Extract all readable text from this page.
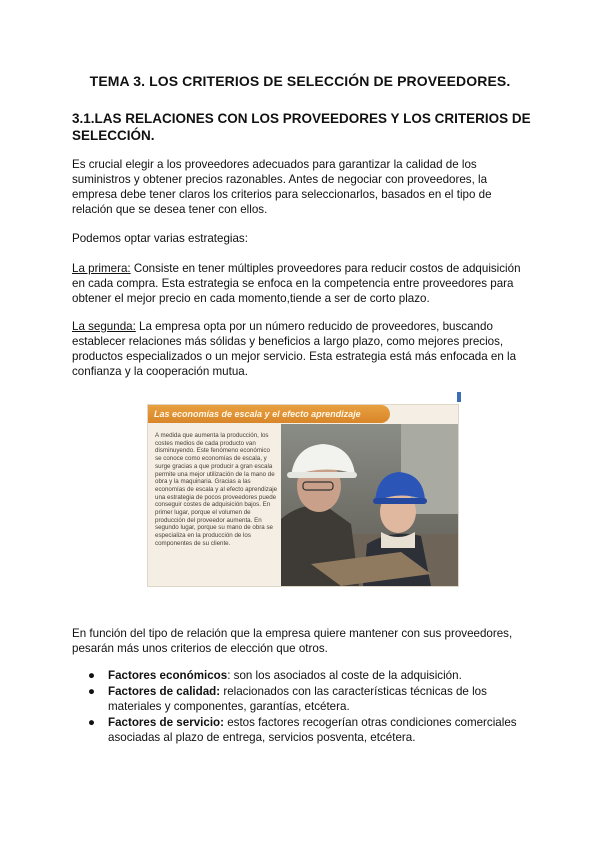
TEMA 3. LOS CRITERIOS DE SELECCIÓN DE PROVEEDORES.
3.1.LAS RELACIONES CON LOS PROVEEDORES Y LOS CRITERIOS DE SELECCIÓN.
Es crucial elegir a los proveedores adecuados para garantizar la calidad de los suministros y obtener precios razonables. Antes de negociar con proveedores, la empresa debe tener claros los criterios para seleccionarlos, basados en el tipo de relación que se desea tener con ellos.
Podemos optar varias estrategias:
La primera: Consiste en tener múltiples proveedores para reducir costos de adquisición en cada compra. Esta estrategia se enfoca en la competencia entre proveedores para obtener el mejor precio en cada momento,tiende a ser de corto plazo.
La segunda: La empresa opta por un número reducido de proveedores, buscando establecer relaciones más sólidas y beneficios a largo plazo, como mejores precios, productos especializados o un mejor servicio. Esta estrategia está más enfocada en la confianza y la cooperación mutua.
Las economías de escala y el efecto aprendizaje
A medida que aumenta la producción, los costes medios de cada producto van disminuyendo. Este fenómeno económico se conoce como economías de escala, y surge gracias a que producir a gran escala permite una mejor utilización de la mano de obra y la maquinaria. Gracias a las economías de escala y al efecto aprendizaje una estrategia de pocos proveedores puede conseguir costes de adquisición bajos. En primer lugar, porque el volumen de producción del proveedor aumenta. En segundo lugar, porque su mano de obra se especializa en la producción de los componentes de su cliente.
En función del tipo de relación que la empresa quiere mantener con sus proveedores, pesarán más unos criterios de elección que otros.
● Factores económicos: son los asociados al coste de la adquisición.
● Factores de calidad: relacionados con las características técnicas de los materiales y componentes, garantías, etcétera.
● Factores de servicio: estos factores recogerían otras condiciones comerciales asociadas al plazo de entrega, servicios posventa, etcétera.
